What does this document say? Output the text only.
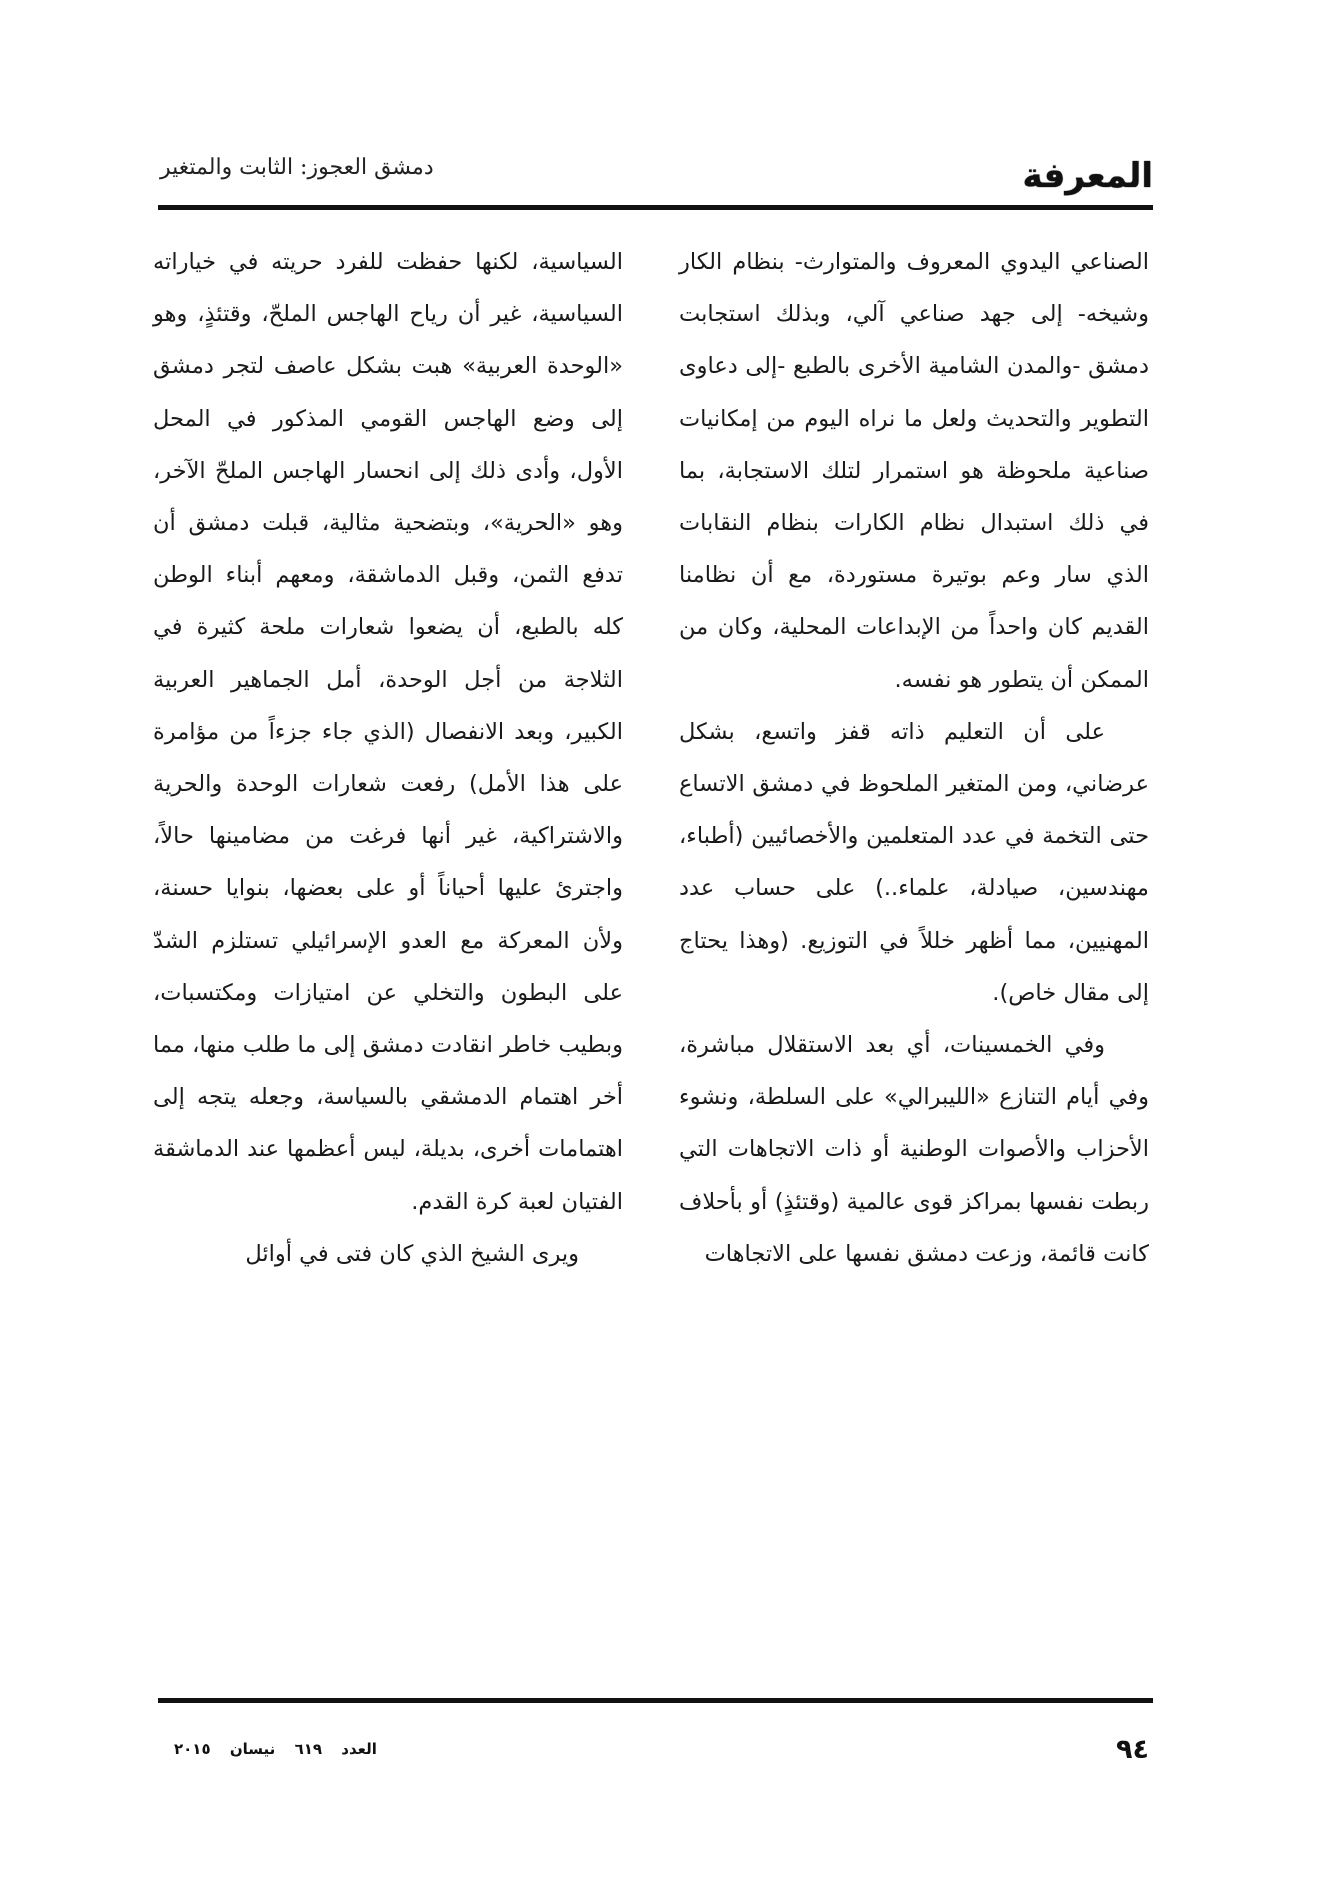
المعرفة
دمشق العجوز: الثابت والمتغير

الصناعي اليدوي المعروف والمتوارث- بنظام الكار وشيخه- إلى جهد صناعي آلي، وبذلك استجابت دمشق -والمدن الشامية الأخرى بالطبع -إلى دعاوى التطوير والتحديث ولعل ما نراه اليوم من إمكانيات صناعية ملحوظة هو استمرار لتلك الاستجابة، بما في ذلك استبدال نظام الكارات بنظام النقابات الذي سار وعم بوتيرة مستوردة، مع أن نظامنا القديم كان واحداً من الإبداعات المحلية، وكان من الممكن أن يتطور هو نفسه.

على أن التعليم ذاته قفز واتسع، بشكل عرضاني، ومن المتغير الملحوظ في دمشق الاتساع حتى التخمة في عدد المتعلمين والأخصائيين (أطباء، مهندسين، صيادلة، علماء..) على حساب عدد المهنيين، مما أظهر خللاً في التوزيع. (وهذا يحتاج إلى مقال خاص).

وفي الخمسينات، أي بعد الاستقلال مباشرة، وفي أيام التنازع «الليبرالي» على السلطة، ونشوء الأحزاب والأصوات الوطنية أو ذات الاتجاهات التي ربطت نفسها بمراكز قوى عالمية (وقتئذٍ) أو بأحلاف كانت قائمة، وزعت دمشق نفسها على الاتجاهات

السياسية، لكنها حفظت للفرد حريته في خياراته السياسية، غير أن رياح الهاجس الملحّ، وقتئذٍ، وهو «الوحدة العربية» هبت بشكل عاصف لتجر دمشق إلى وضع الهاجس القومي المذكور في المحل الأول، وأدى ذلك إلى انحسار الهاجس الملحّ الآخر، وهو «الحرية»، وبتضحية مثالية، قبلت دمشق أن تدفع الثمن، وقبل الدماشقة، ومعهم أبناء الوطن كله بالطبع، أن يضعوا شعارات ملحة كثيرة في الثلاجة من أجل الوحدة، أمل الجماهير العربية الكبير، وبعد الانفصال (الذي جاء جزءاً من مؤامرة على هذا الأمل) رفعت شعارات الوحدة والحرية والاشتراكية، غير أنها فرغت من مضامينها حالاً، واجترئ عليها أحياناً أو على بعضها، بنوايا حسنة، ولأن المعركة مع العدو الإسرائيلي تستلزم الشدّ على البطون والتخلي عن امتيازات ومكتسبات، وبطيب خاطر انقادت دمشق إلى ما طلب منها، مما أخر اهتمام الدمشقي بالسياسة، وجعله يتجه إلى اهتمامات أخرى، بديلة، ليس أعظمها عند الدماشقة الفتيان لعبة كرة القدم.

ويرى الشيخ الذي كان فتى في أوائل

٩٤
العدد ٦١٩ نيسان ٢٠١٥
